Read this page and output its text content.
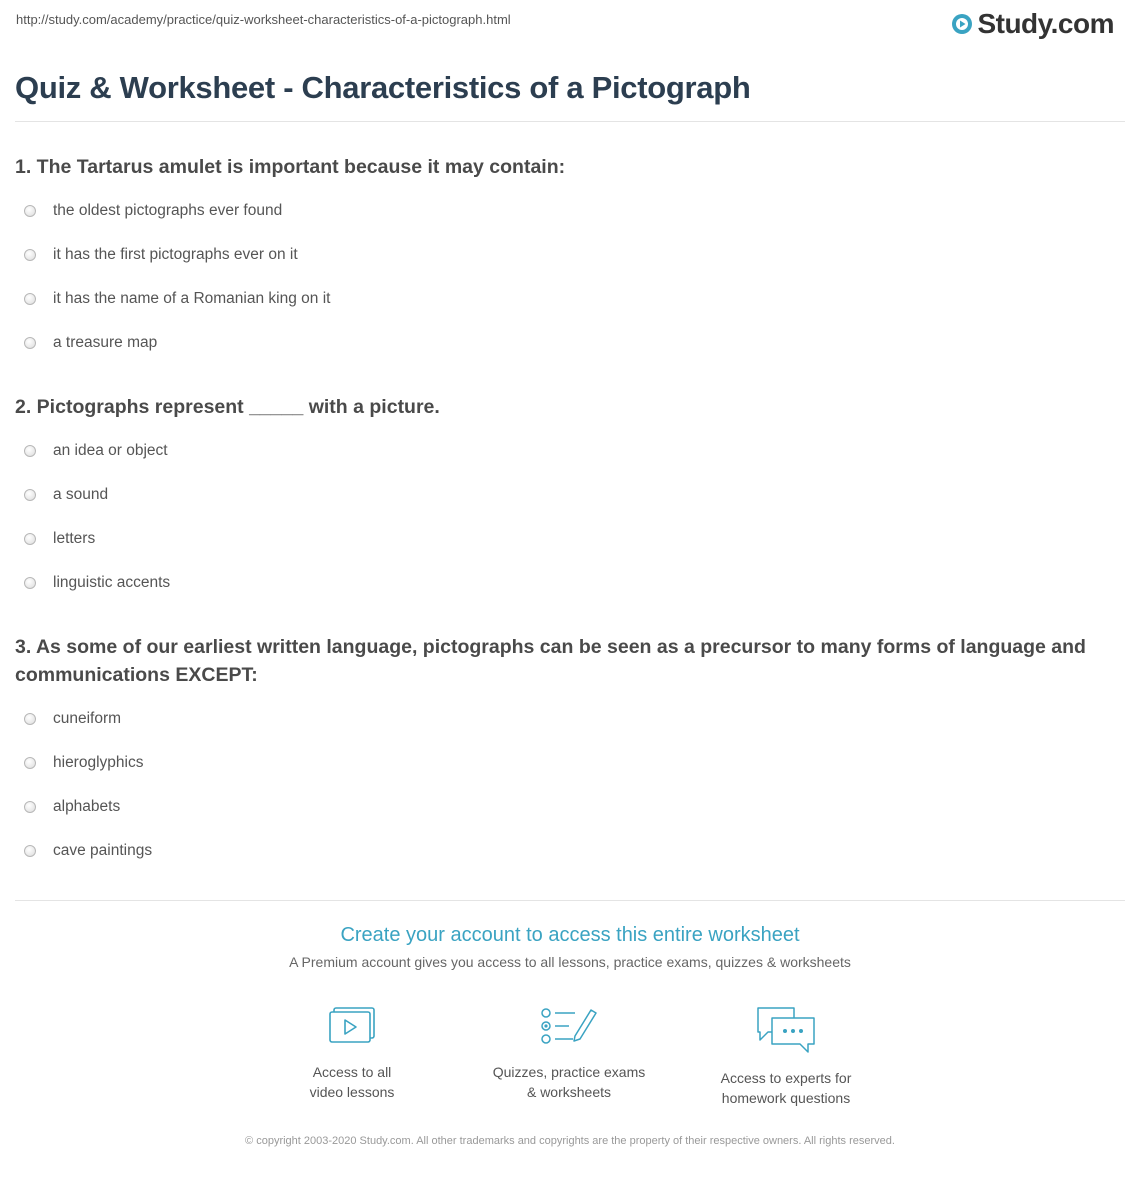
http://study.com/academy/practice/quiz-worksheet-characteristics-of-a-pictograph.html	Study.com
Quiz & Worksheet - Characteristics of a Pictograph

1. The Tartarus amulet is important because it may contain:

the oldest pictographs ever found
it has the first pictographs ever on it
it has the name of a Romanian king on it
a treasure map

2. Pictographs represent _____ with a picture.

an idea or object
a sound
letters
linguistic accents

3. As some of our earliest written language, pictographs can be seen as a precursor to many forms of language and communications EXCEPT:

cuneiform
hieroglyphics
alphabets
cave paintings
Create your account to access this entire worksheet
A Premium account gives you access to all lessons, practice exams, quizzes & worksheets
Access to all
video lessons
Quizzes, practice exams
& worksheets
Access to experts for
homework questions
© copyright 2003-2020 Study.com. All other trademarks and copyrights are the property of their respective owners. All rights reserved.
